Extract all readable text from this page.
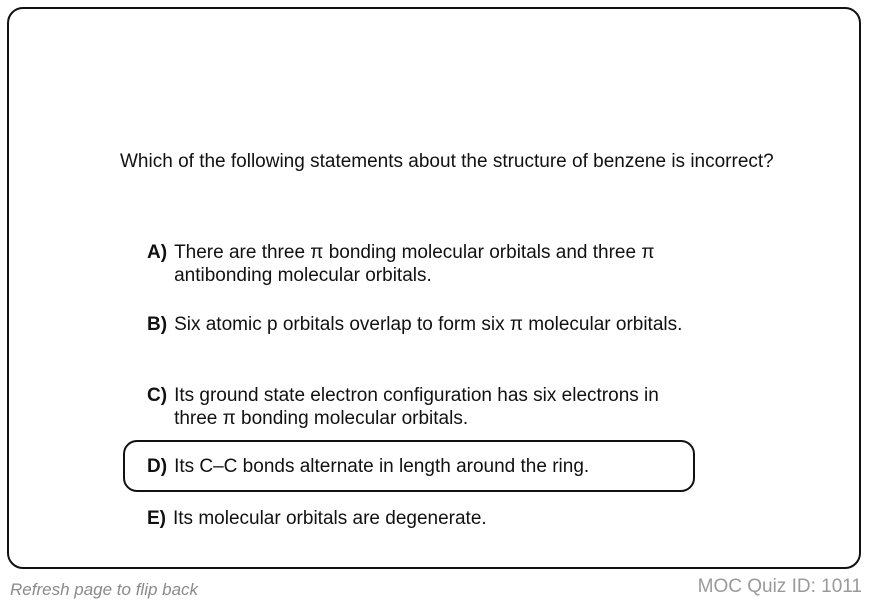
Which of the following statements about the structure of benzene is incorrect?

A) There are three π bonding molecular orbitals and three π antibonding molecular orbitals.
B) Six atomic p orbitals overlap to form six π molecular orbitals.
C) Its ground state electron configuration has six electrons in three π bonding molecular orbitals.
D) Its C–C bonds alternate in length around the ring.
E) Its molecular orbitals are degenerate.
Refresh page to flip back	MOC Quiz ID: 1011
